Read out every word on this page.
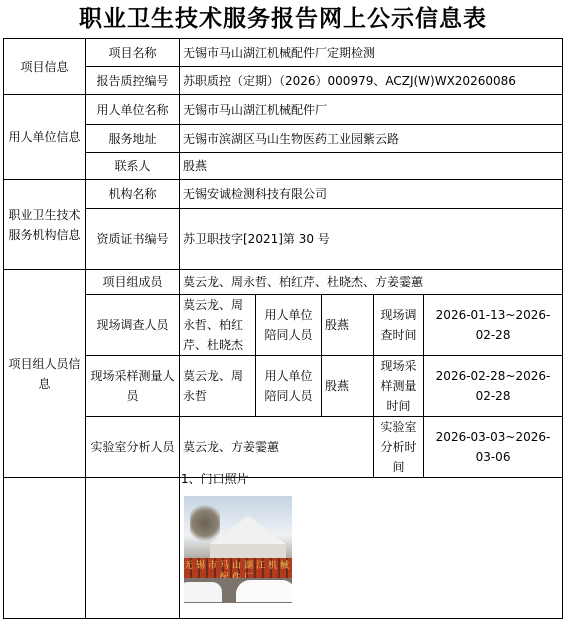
职业卫生技术服务报告网上公示信息表
项目信息	项目名称	无锡市马山湖江机械配件厂定期检测				
	报告质控编号	苏职质控（定期）（2026）000979、ACZJ(W)WX20260086				
用人单位信息	用人单位名称	无锡市马山湖江机械配件厂				
	服务地址	无锡市滨湖区马山生物医药工业园紫云路				
	联系人	殷燕				
职业卫生技术服务机构信息	机构名称	无锡安诚检测科技有限公司				
	资质证书编号	苏卫职技字[2021]第 30 号				
项目组人员信息	项目组成员	莫云龙、周永哲、柏红芹、杜晓杰、方姜霎蕙				
	现场调查人员	莫云龙、周永哲、柏红芹、杜晓杰	用人单位陪同人员	殷燕	现场调查时间	2026-01-13~2026-02-28
	现场采样测量人员	莫云龙、周永哲	用人单位陪同人员	殷燕	现场采样测量时间	2026-02-28~2026-02-28
	实验室分析人员	莫云龙、方姜霎蕙			实验室分析时间	2026-03-03~2026-03-06

1、门口照片
无锡市马山湖江机械
